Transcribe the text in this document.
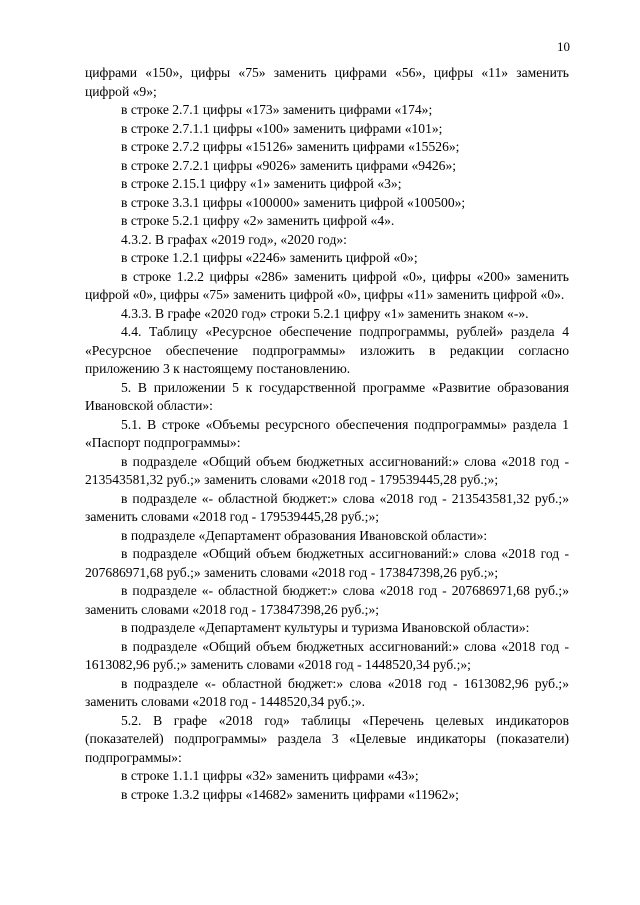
10

цифрами «150», цифры «75» заменить цифрами «56», цифры «11» заменить цифрой «9»;

в строке 2.7.1 цифры «173» заменить цифрами «174»;

в строке 2.7.1.1 цифры «100» заменить цифрами «101»;

в строке 2.7.2 цифры «15126» заменить цифрами «15526»;

в строке 2.7.2.1 цифры «9026» заменить цифрами «9426»;

в строке 2.15.1 цифру «1» заменить цифрой «3»;

в строке 3.3.1 цифры «100000» заменить цифрой «100500»;

в строке 5.2.1 цифру «2» заменить цифрой «4».

4.3.2. В графах «2019 год», «2020 год»:

в строке 1.2.1 цифры «2246» заменить цифрой «0»;

в строке 1.2.2 цифры «286» заменить цифрой «0», цифры «200» заменить цифрой «0», цифры «75» заменить цифрой «0», цифры «11» заменить цифрой «0».

4.3.3. В графе «2020 год» строки 5.2.1 цифру «1» заменить знаком «-».

4.4. Таблицу «Ресурсное обеспечение подпрограммы, рублей» раздела 4 «Ресурсное обеспечение подпрограммы» изложить в редакции согласно приложению 3 к настоящему постановлению.

5. В приложении 5 к государственной программе «Развитие образования Ивановской области»:

5.1. В строке «Объемы ресурсного обеспечения подпрограммы» раздела 1 «Паспорт подпрограммы»:

в подразделе «Общий объем бюджетных ассигнований:» слова «2018 год - 213543581,32 руб.;» заменить словами «2018 год - 179539445,28 руб.;»;

в подразделе «- областной бюджет:» слова «2018 год - 213543581,32 руб.;» заменить словами «2018 год - 179539445,28 руб.;»;

в подразделе «Департамент образования Ивановской области»:

в подразделе «Общий объем бюджетных ассигнований:» слова «2018 год - 207686971,68 руб.;» заменить словами «2018 год - 173847398,26 руб.;»;

в подразделе «- областной бюджет:» слова «2018 год - 207686971,68 руб.;» заменить словами «2018 год - 173847398,26 руб.;»;

в подразделе «Департамент культуры и туризма Ивановской области»:

в подразделе «Общий объем бюджетных ассигнований:» слова «2018 год - 1613082,96 руб.;» заменить словами «2018 год - 1448520,34 руб.;»;

в подразделе «- областной бюджет:» слова «2018 год - 1613082,96 руб.;» заменить словами «2018 год - 1448520,34 руб.;».

5.2. В графе «2018 год» таблицы «Перечень целевых индикаторов (показателей) подпрограммы» раздела 3 «Целевые индикаторы (показатели) подпрограммы»:

в строке 1.1.1 цифры «32» заменить цифрами «43»;

в строке 1.3.2 цифры «14682» заменить цифрами «11962»;
